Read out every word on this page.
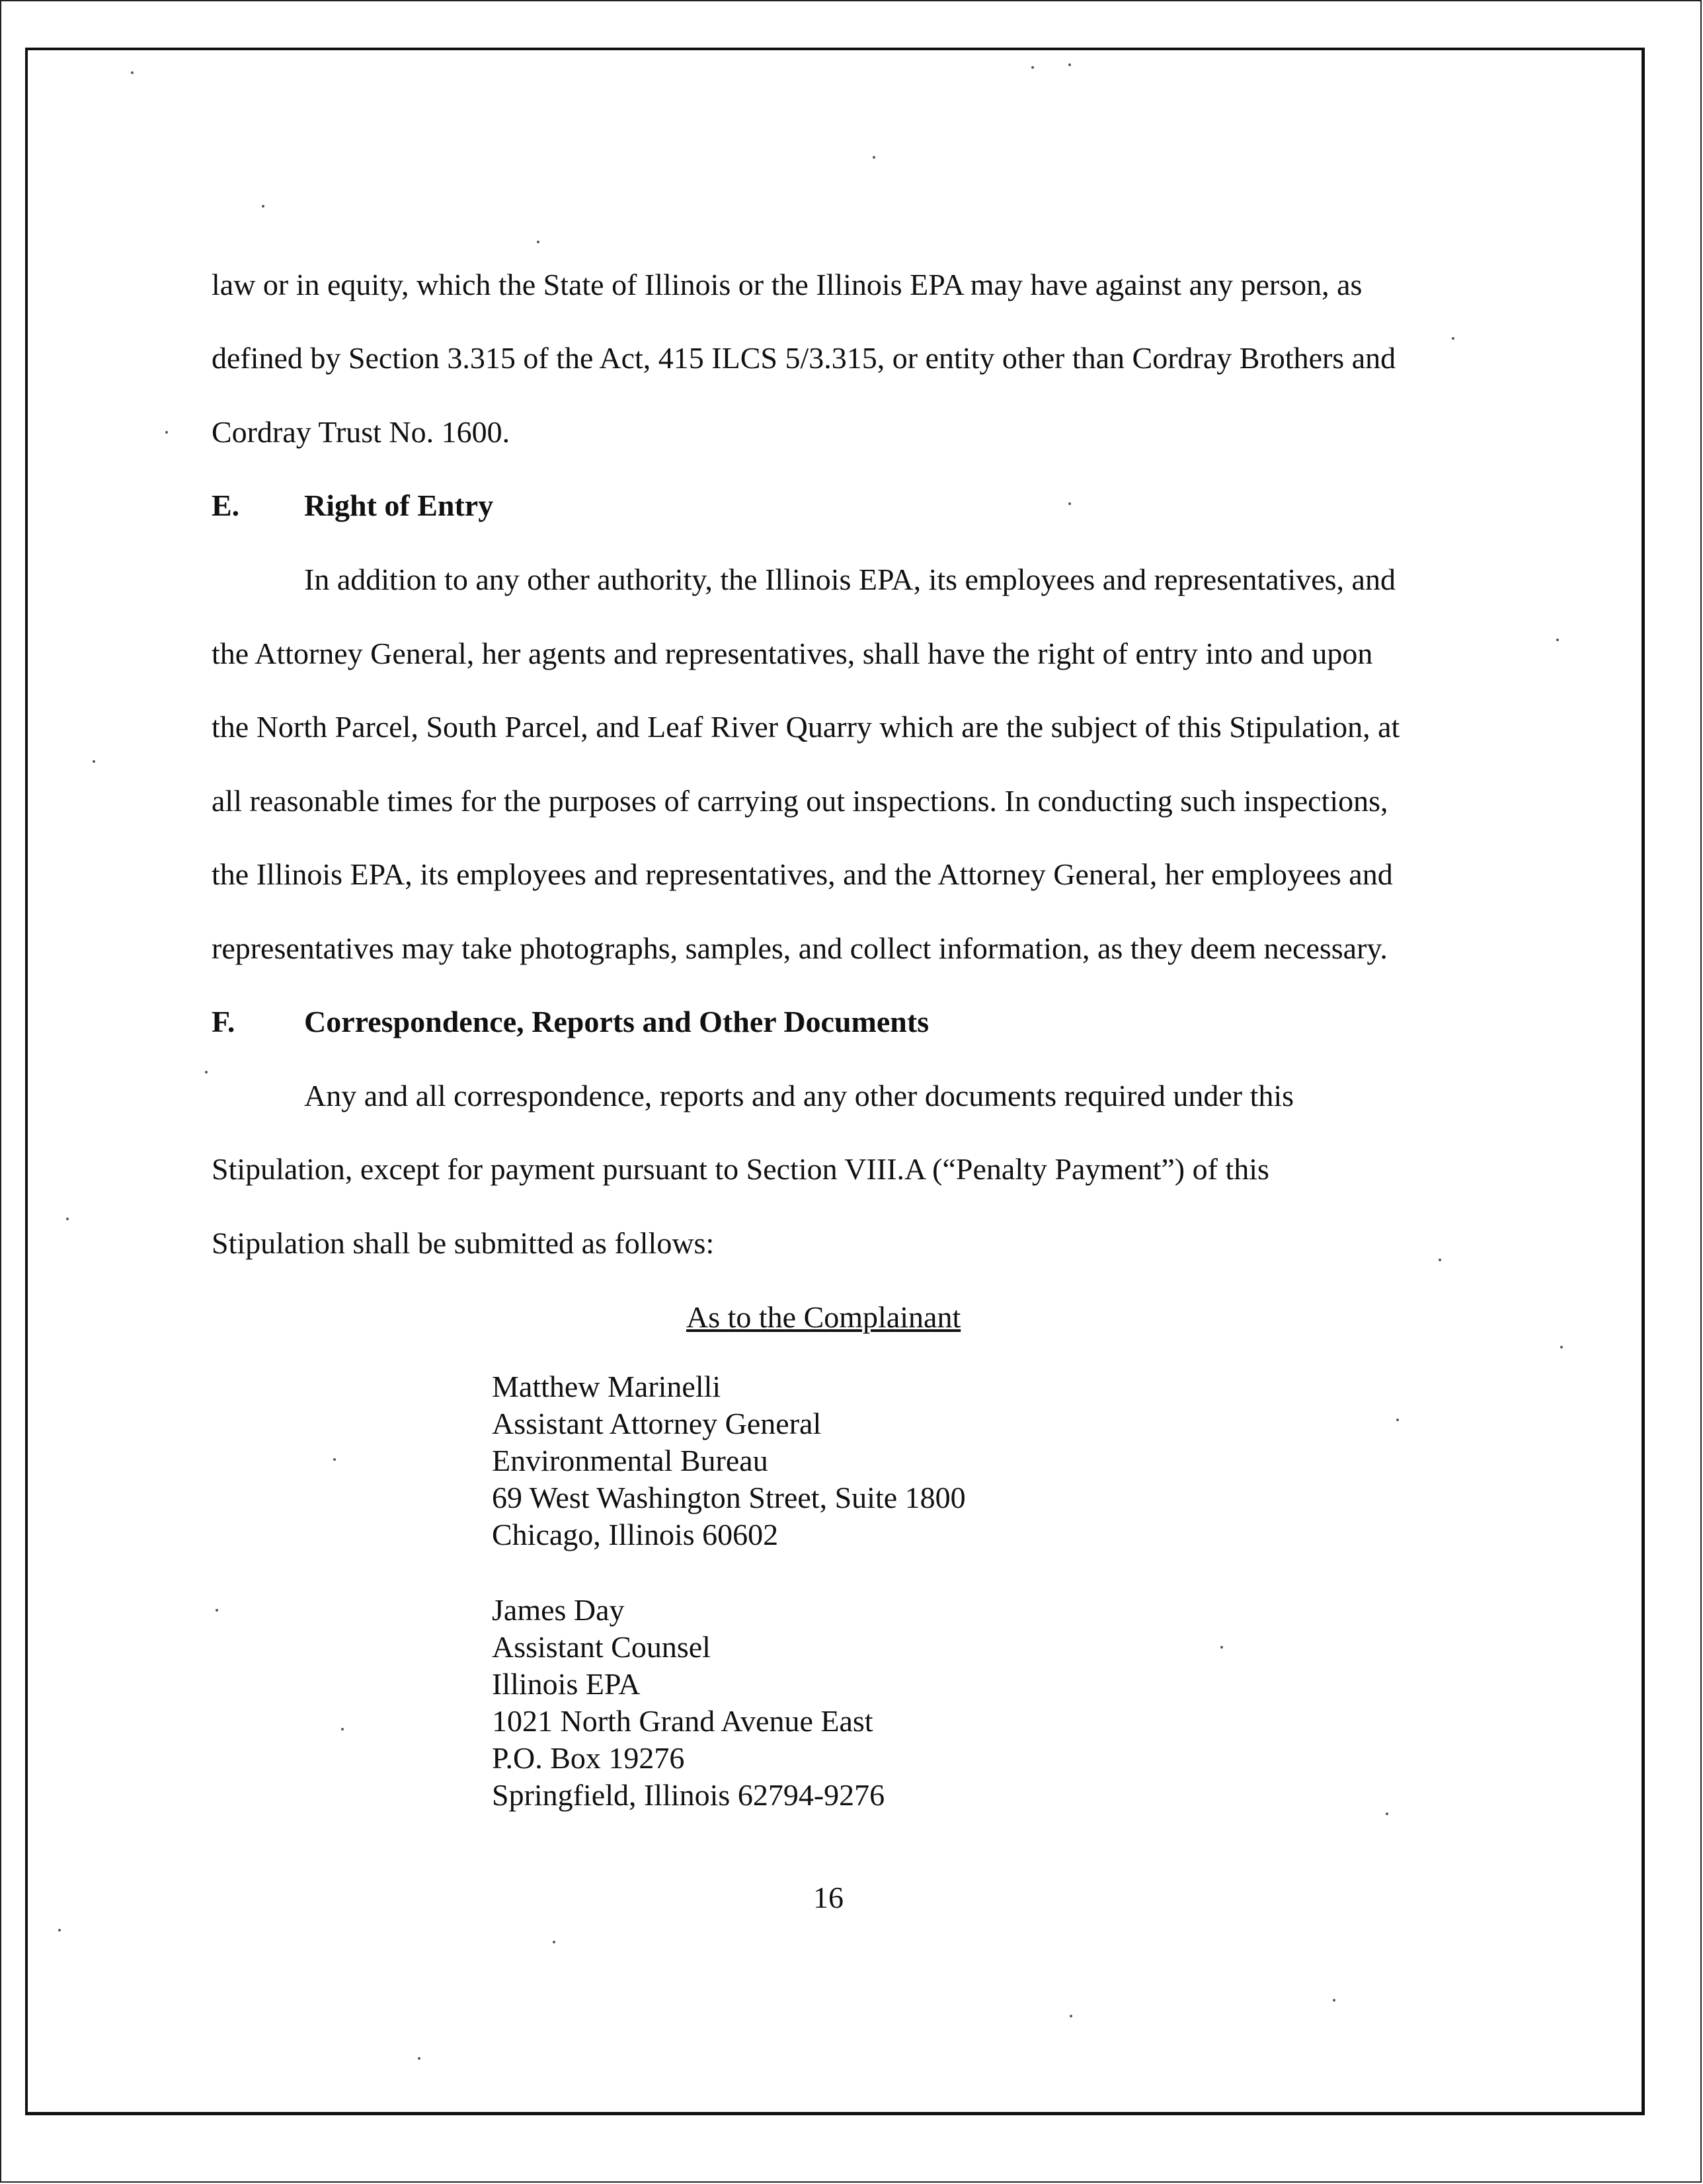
law or in equity, which the State of Illinois or the Illinois EPA may have against any person, as
defined by Section 3.315 of the Act, 415 ILCS 5/3.315, or entity other than Cordray Brothers and
Cordray Trust No. 1600.
E. Right of Entry
In addition to any other authority, the Illinois EPA, its employees and representatives, and
the Attorney General, her agents and representatives, shall have the right of entry into and upon
the North Parcel, South Parcel, and Leaf River Quarry which are the subject of this Stipulation, at
all reasonable times for the purposes of carrying out inspections. In conducting such inspections,
the Illinois EPA, its employees and representatives, and the Attorney General, her employees and
representatives may take photographs, samples, and collect information, as they deem necessary.
F. Correspondence, Reports and Other Documents
Any and all correspondence, reports and any other documents required under this
Stipulation, except for payment pursuant to Section VIII.A (“Penalty Payment”) of this
Stipulation shall be submitted as follows:
As to the Complainant
Matthew Marinelli
Assistant Attorney General
Environmental Bureau
69 West Washington Street, Suite 1800
Chicago, Illinois 60602
James Day
Assistant Counsel
Illinois EPA
1021 North Grand Avenue East
P.O. Box 19276
Springfield, Illinois 62794-9276
16
